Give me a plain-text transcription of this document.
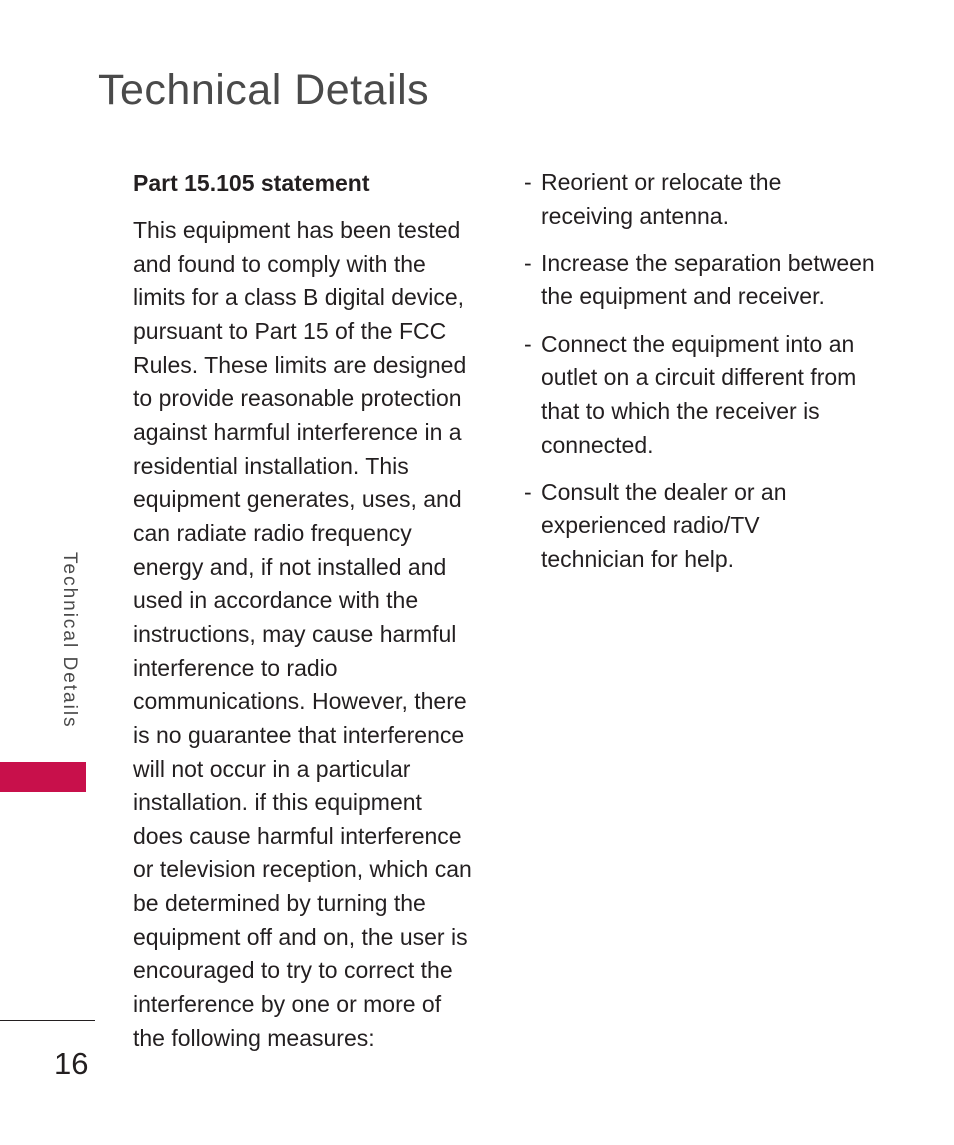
Technical Details
Part 15.105 statement
This equipment has been tested
and found to comply with the
limits for a class B digital device,
pursuant to Part 15 of the FCC
Rules. These limits are designed
to provide reasonable protection
against harmful interference in a
residential installation. This
equipment generates, uses, and
can radiate radio frequency
energy and, if not installed and
used in accordance with the
instructions, may cause harmful
interference to radio
communications. However, there
is no guarantee that interference
will not occur in a particular
installation. if this equipment
does cause harmful interference
or television reception, which can
be determined by turning the
equipment off and on, the user is
encouraged to try to correct the
interference by one or more of
the following measures:
- Reorient or relocate the
receiving antenna.
- Increase the separation between
the equipment and receiver.
- Connect the equipment into an
outlet on a circuit different from
that to which the receiver is
connected.
- Consult the dealer or an
experienced radio/TV
technician for help.
Technical Details
16
